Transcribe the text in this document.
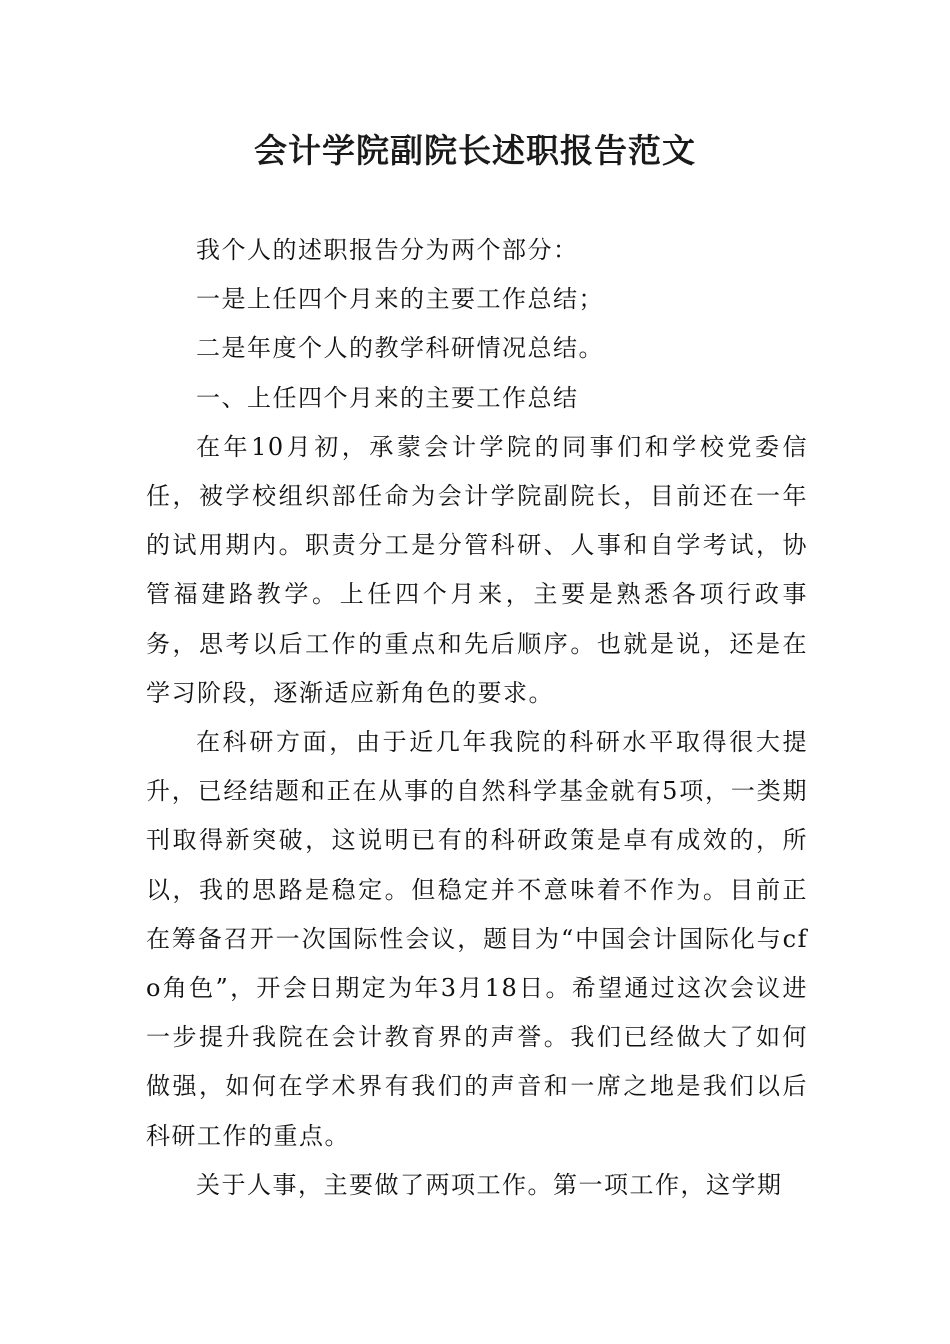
会计学院副院长述职报告范文

我个人的述职报告分为两个部分：

一是上任四个月来的主要工作总结；

二是年度个人的教学科研情况总结。

一、上任四个月来的主要工作总结

在年10月初，承蒙会计学院的同事们和学校党委信任，被学校组织部任命为会计学院副院长，目前还在一年的试用期内。职责分工是分管科研、人事和自学考试，协管福建路教学。上任四个月来，主要是熟悉各项行政事务，思考以后工作的重点和先后顺序。也就是说，还是在学习阶段，逐渐适应新角色的要求。

在科研方面，由于近几年我院的科研水平取得很大提升，已经结题和正在从事的自然科学基金就有5项，一类期刊取得新突破，这说明已有的科研政策是卓有成效的，所以，我的思路是稳定。但稳定并不意味着不作为。目前正在筹备召开一次国际性会议，题目为“中国会计国际化与cfo角色”，开会日期定为年3月18日。希望通过这次会议进一步提升我院在会计教育界的声誉。我们已经做大了如何做强，如何在学术界有我们的声音和一席之地是我们以后科研工作的重点。

关于人事，主要做了两项工作。第一项工作，这学期
